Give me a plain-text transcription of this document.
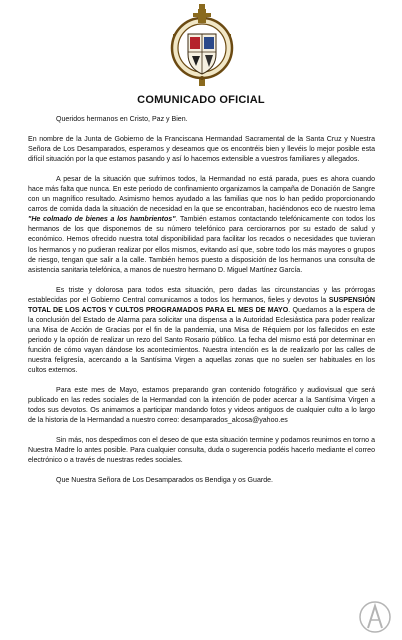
COMUNICADO OFICIAL
Queridos hermanos en Cristo, Paz y Bien.
En nombre de la Junta de Gobierno de la Franciscana Hermandad Sacramental de la Santa Cruz y Nuestra Señora de Los Desamparados, esperamos y deseamos que os encontréis bien y llevéis lo mejor posible esta difícil situación por la que estamos pasando y así lo hacemos extensible a vuestros familiares y allegados.
A pesar de la situación que sufrimos todos, la Hermandad no está parada, pues es ahora cuando hace más falta que nunca. En este periodo de confinamiento organizamos la campaña de Donación de Sangre con un magnífico resultado. Asimismo hemos ayudado a las familias que nos lo han pedido proporcionando carros de comida dada la situación de necesidad en la que se encontraban, haciéndonos eco de nuestro lema "He colmado de bienes a los hambrientos". También estamos contactando telefónicamente con todos los hermanos de los que disponemos de su número telefónico para cerciorarnos por su estado de salud y económico. Hemos ofrecido nuestra total disponibilidad para facilitar los recados o necesidades que tuvieran los hermanos y no pudieran realizar por ellos mismos, evitando así que, sobre todo los más mayores o grupos de riesgo, tengan que salir a la calle. También hemos puesto a disposición de los hermanos una consulta de asistencia sanitaria telefónica, a manos de nuestro hermano D. Miguel Martínez García.
Es triste y dolorosa para todos esta situación, pero dadas las circunstancias y las prórrogas establecidas por el Gobierno Central comunicamos a todos los hermanos, fieles y devotos la SUSPENSIÓN TOTAL DE LOS ACTOS Y CULTOS PROGRAMADOS PARA EL MES DE MAYO. Quedamos a la espera de la conclusión del Estado de Alarma para solicitar una dispensa a la Autoridad Eclesiástica para poder realizar una Misa de Acción de Gracias por el fin de la pandemia, una Misa de Réquiem por los fallecidos en este periodo y la opción de realizar un rezo del Santo Rosario público. La fecha del mismo está por determinar en función de cómo vayan dándose los acontecimientos. Nuestra intención es la de realizarlo por las calles de nuestra feligresía, acercando a la Santísima Virgen a aquellas zonas que no suelen ser habituales en los cultos externos.
Para este mes de Mayo, estamos preparando gran contenido fotográfico y audiovisual que será publicado en las redes sociales de la Hermandad con la intención de poder acercar a la Santísima Virgen a todos sus devotos. Os animamos a participar mandando fotos y videos antiguos de cualquier culto a lo largo de la historia de la Hermandad a nuestro correo: desamparados_alcosa@yahoo.es
Sin más, nos despedimos con el deseo de que esta situación termine y podamos reunirnos en torno a Nuestra Madre lo antes posible. Para cualquier consulta, duda o sugerencia podéis hacerlo mediante el correo electrónico o a través de nuestras redes sociales.
Que Nuestra Señora de Los Desamparados os Bendiga y os Guarde.
